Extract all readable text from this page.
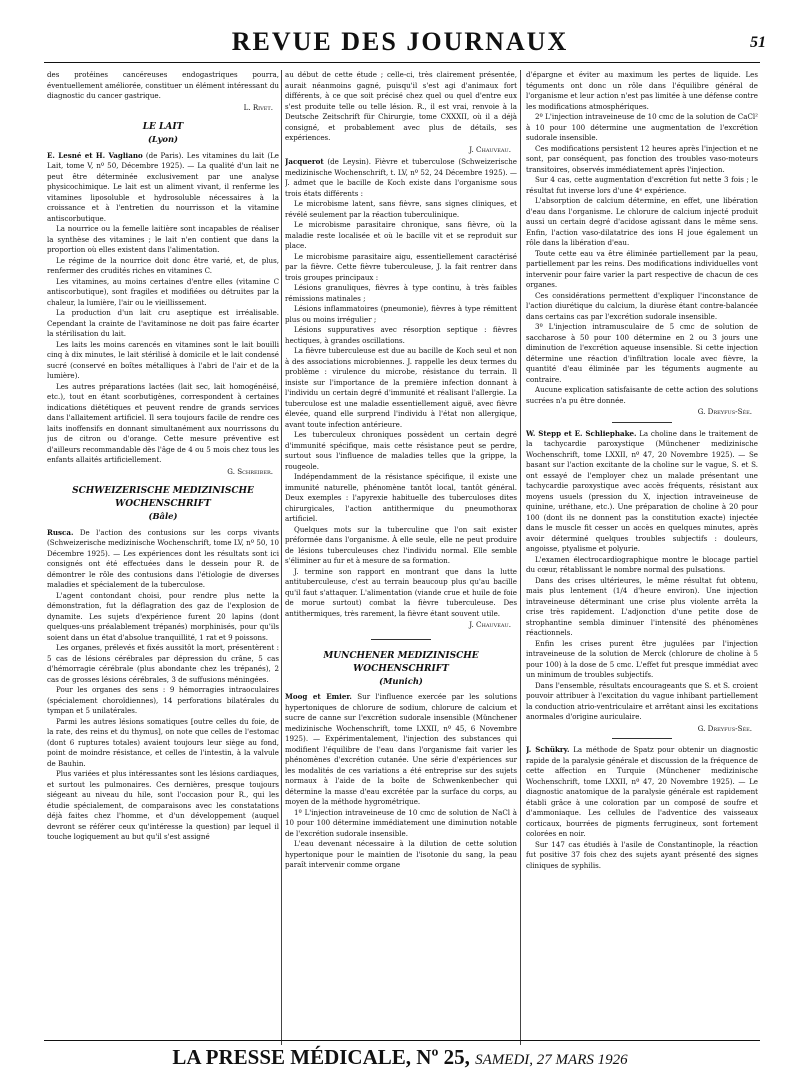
REVUE DES JOURNAUX	51

des protéines cancéreuses endogastriques pourra, éventuellement améliorée, constituer un élément intéressant du diagnostic du cancer gastrique.

L. Rivet.
LE LAIT
(Lyon)

E. Lesné et H. Vagliano (de Paris). Les vitamines du lait (Le Lait, tome V, nº 50, Décembre 1925). — La qualité d'un lait ne peut être déterminée exclusivement par une analyse physicochimique. Le lait est un aliment vivant, il renferme les vitamines liposoluble et hydrosoluble nécessaires à la croissance et à l'entretien du nourrisson et la vitamine antiscorbutique.

La nourrice ou la femelle laitière sont incapables de réaliser la synthèse des vitamines ; le lait n'en contient que dans la proportion où elles existent dans l'alimentation.

Le régime de la nourrice doit donc être varié, et, de plus, renfermer des crudités riches en vitamines C.

Les vitamines, au moins certaines d'entre elles (vitamine C antiscorbutique), sont fragiles et modifiées ou détruites par la chaleur, la lumière, l'air ou le vieillissement.

La production d'un lait cru aseptique est irréalisable. Cependant la crainte de l'avitaminose ne doit pas faire écarter la stérilisation du lait.

Les laits les moins carencés en vitamines sont le lait bouilli cinq à dix minutes, le lait stérilisé à domicile et le lait condensé sucré (conservé en boîtes métalliques à l'abri de l'air et de la lumière).

Les autres préparations lactées (lait sec, lait homogénéisé, etc.), tout en étant scorbutigènes, correspondent à certaines indications diététiques et peuvent rendre de grands services dans l'allaitement artificiel. Il sera toujours facile de rendre ces laits inoffensifs en donnant simultanément aux nourrissons du jus de citron ou d'orange. Cette mesure préventive est d'ailleurs recommandable dès l'âge de 4 ou 5 mois chez tous les enfants allaités artificiellement.

G. Schreiber.
SCHWEIZERISCHE MEDIZINISCHE WOCHENSCHRIFT
(Bâle)

Rusca. De l'action des contusions sur les corps vivants (Schweizerische medizinische Wochenschrift, tome LV, nº 50, 10 Décembre 1925). — Les expériences dont les résultats sont ici consignés ont été effectuées dans le dessein pour R. de démontrer le rôle des contusions dans l'étiologie de diverses maladies et spécialement de la tuberculose.

L'agent contondant choisi, pour rendre plus nette la démonstration, fut la déflagration des gaz de l'explosion de dynamite. Les sujets d'expérience furent 20 lapins (dont quelques-uns préalablement trépanés) morphinisés, pour qu'ils soient dans un état d'absolue tranquillité, 1 rat et 9 poissons.

Les organes, prélevés et fixés aussitôt la mort, présentèrent : 5 cas de lésions cérébrales par dépression du crâne, 5 cas d'hémorragie cérébrale (plus abondante chez les trépanés), 2 cas de grosses lésions cérébrales, 3 de suffusions méningées.

Pour les organes des sens : 9 hémorragies intraoculaires (spécialement choroïdiennes), 14 perforations bilatérales du tympan et 5 unilatérales.

Parmi les autres lésions somatiques [outre celles du foie, de la rate, des reins et du thymus], on note que celles de l'estomac (dont 6 ruptures totales) avaient toujours leur siège au fond, point de moindre résistance, et celles de l'intestin, à la valvule de Bauhin.

Plus variées et plus intéressantes sont les lésions cardiaques, et surtout les pulmonaires. Ces dernières, presque toujours siégeant au niveau du hile, sont l'occasion pour R., qui les étudie spécialement, de comparaisons avec les constatations déjà faites chez l'homme, et d'un développement (auquel devront se référer ceux qu'intéresse la question) par lequel il touche logiquement au but qu'il s'est assigné

au début de cette étude ; celle-ci, très clairement présentée, aurait néanmoins gagné, puisqu'il s'est agi d'animaux fort différents, à ce que soit précisé chez quel ou quel d'entre eux s'est produite telle ou telle lésion. R., il est vrai, renvoie à la Deutsche Zeitschrift für Chirurgie, tome CXXXII, où il a déjà consigné, et probablement avec plus de détails, ses expériences.

J. Chauveau.

Jacquerot (de Leysin). Fièvre et tuberculose (Schweizerische medizinische Wochenschrift, t. LV, nº 52, 24 Décembre 1925). — J. admet que le bacille de Koch existe dans l'organisme sous trois états différents :

Le microbisme latent, sans fièvre, sans signes cliniques, et révélé seulement par la réaction tuberculinique.

Le microbisme parasitaire chronique, sans fièvre, où la maladie reste localisée et où le bacille vit et se reproduit sur place.

Le microbisme parasitaire aigu, essentiellement caractérisé par la fièvre. Cette fièvre tuberculeuse, J. la fait rentrer dans trois groupes principaux :

Lésions granuliques, fièvres à type continu, à très faibles rémissions matinales ;

Lésions inflammatoires (pneumonie), fièvres à type rémittent plus ou moins irrégulier ;

Lésions suppuratives avec résorption septique : fièvres hectiques, à grandes oscillations.

La fièvre tuberculeuse est due au bacille de Koch seul et non à des associations microbiennes. J. rappelle les deux termes du problème : virulence du microbe, résistance du terrain. Il insiste sur l'importance de la première infection donnant à l'individu un certain degré d'immunité et réalisant l'allergie. La tuberculose est une maladie essentiellement aiguë, avec fièvre élevée, quand elle surprend l'individu à l'état non allergique, avant toute infection antérieure.

Les tuberculeux chroniques possèdent un certain degré d'immunité spécifique, mais cette résistance peut se perdre, surtout sous l'influence de maladies telles que la grippe, la rougeole.

Indépendamment de la résistance spécifique, il existe une immunité naturelle, phénomène tantôt local, tantôt général. Deux exemples : l'apyrexie habituelle des tuberculoses dites chirurgicales, l'action antithermique du pneumothorax artificiel.

Quelques mots sur la tuberculine que l'on sait exister préformée dans l'organisme. À elle seule, elle ne peut produire de lésions tuberculeuses chez l'individu normal. Elle semble s'éliminer au fur et à mesure de sa formation.

J. termine son rapport en montrant que dans la lutte antituberculeuse, c'est au terrain beaucoup plus qu'au bacille qu'il faut s'attaquer. L'alimentation (viande crue et huile de foie de morue surtout) combat la fièvre tuberculeuse. Des antithermiques, très rarement, la fièvre étant souvent utile.

J. Chauveau.
MUNCHENER MEDIZINISCHE WOCHENSCHRIFT
(Munich)

Moog et Emier. Sur l'influence exercée par les solutions hypertoniques de chlorure de sodium, chlorure de calcium et sucre de canne sur l'excrétion sudorale insensible (Münchener medizinische Wochenschrift, tome LXXII, nº 45, 6 Novembre 1925). — Expérimentalement, l'injection des substances qui modifient l'équilibre de l'eau dans l'organisme fait varier les phénomènes d'excrétion cutanée. Une série d'expériences sur les modalités de ces variations a été entreprise sur des sujets normaux à l'aide de la boîte de Schwenkenbecher qui détermine la masse d'eau excrétée par la surface du corps, au moyen de la méthode hygrométrique.

1º L'injection intraveineuse de 10 cmc de solution de NaCl à 10 pour 100 détermine immédiatement une diminution notable de l'excrétion sudorale insensible.

L'eau devenant nécessaire à la dilution de cette solution hypertonique pour le maintien de l'isotonie du sang, la peau paraît intervenir comme organe

d'épargne et éviter au maximum les pertes de liquide. Les téguments ont donc un rôle dans l'équilibre général de l'organisme et leur action n'est pas limitée à une défense contre les modifications atmosphériques.

2º L'injection intraveineuse de 10 cmc de la solution de CaCl² à 10 pour 100 détermine une augmentation de l'excrétion sudorale insensible.

Ces modifications persistent 12 heures après l'injection et ne sont, par conséquent, pas fonction des troubles vaso-moteurs transitoires, observés immédiatement après l'injection.

Sur 4 cas, cette augmentation d'excrétion fut nette 3 fois ; le résultat fut inverse lors d'une 4ᵉ expérience.

L'absorption de calcium détermine, en effet, une libération d'eau dans l'organisme. Le chlorure de calcium injecté produit aussi un certain degré d'acidose agissant dans le même sens. Enfin, l'action vaso-dilatatrice des ions H joue également un rôle dans la libération d'eau.

Toute cette eau va être éliminée partiellement par la peau, partiellement par les reins. Des modifications individuelles vont intervenir pour faire varier la part respective de chacun de ces organes.

Ces considérations permettent d'expliquer l'inconstance de l'action diurétique du calcium, la diurèse étant contre-balancée dans certains cas par l'excrétion sudorale insensible.

3º L'injection intramusculaire de 5 cmc de solution de saccharose à 50 pour 100 détermine en 2 ou 3 jours une diminution de l'excrétion aqueuse insensible. Si cette injection détermine une réaction d'infiltration locale avec fièvre, la quantité d'eau éliminée par les téguments augmente au contraire.

Aucune explication satisfaisante de cette action des solutions sucrées n'a pu être donnée.

G. Dreyfus-Sée.

W. Stepp et E. Schliephake. La choline dans le traitement de la tachycardie paroxystique (Münchener medizinische Wochenschrift, tome LXXII, nº 47, 20 Novembre 1925). — Se basant sur l'action excitante de la choline sur le vague, S. et S. ont essayé de l'employer chez un malade présentant une tachycardie paroxystique avec accès fréquents, résistant aux moyens usuels (pression du X, injection intraveineuse de quinine, uréthane, etc.). Une préparation de choline à 20 pour 100 (dont ils ne donnent pas la constitution exacte) injectée dans le muscle fit cesser un accès en quelques minutes, après avoir déterminé quelques troubles subjectifs : douleurs, angoisse, ptyalisme et polyurie.

L'examen électrocardiographique montre le blocage partiel du cœur, rétablissant le nombre normal des pulsations.

Dans des crises ultérieures, le même résultat fut obtenu, mais plus lentement (1/4 d'heure environ). Une injection intraveineuse déterminant une crise plus violente arrêta la crise très rapidement. L'adjonction d'une petite dose de strophantine sembla diminuer l'intensité des phénomènes réactionnels.

Enfin les crises purent être jugulées par l'injection intraveineuse de la solution de Merck (chlorure de choline à 5 pour 100) à la dose de 5 cmc. L'effet fut presque immédiat avec un minimum de troubles subjectifs.

Dans l'ensemble, résultats encourageants que S. et S. croient pouvoir attribuer à l'excitation du vague inhibant partiellement la conduction atrio-ventriculaire et arrêtant ainsi les excitations anormales d'origine auriculaire.

G. Dreyfus-Sée.

J. Schükry. La méthode de Spatz pour obtenir un diagnostic rapide de la paralysie générale et discussion de la fréquence de cette affection en Turquie (Münchener medizinische Wochenschrift, tome LXXII, nº 47, 20 Novembre 1925). — Le diagnostic anatomique de la paralysie générale est rapidement établi grâce à une coloration par un composé de soufre et d'ammoniaque. Les cellules de l'adventice des vaisseaux corticaux, bourrées de pigments ferrugineux, sont fortement colorées en noir.

Sur 147 cas étudiés à l'asile de Constantinople, la réaction fut positive 37 fois chez des sujets ayant présenté des signes cliniques de syphilis.

LA PRESSE MÉDICALE, Nº 25, SAMEDI, 27 MARS 1926
